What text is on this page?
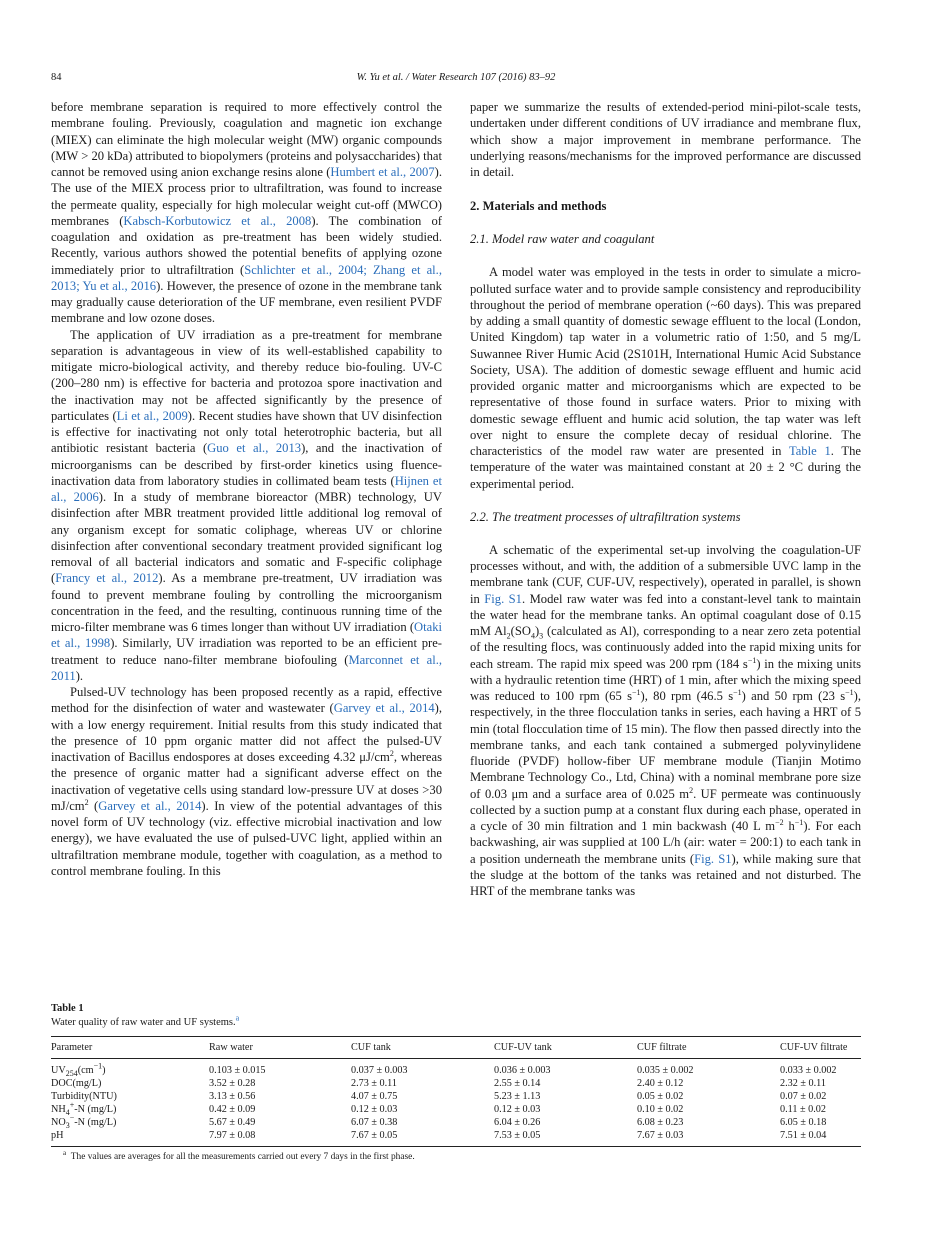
84	W. Yu et al. / Water Research 107 (2016) 83–92

before membrane separation is required to more effectively control the membrane fouling. Previously, coagulation and magnetic ion exchange (MIEX) can eliminate the high molecular weight (MW) organic compounds (MW > 20 kDa) attributed to biopolymers (proteins and polysaccharides) that cannot be removed using anion exchange resins alone (Humbert et al., 2007). The use of the MIEX process prior to ultrafiltration, was found to increase the permeate quality, especially for high molecular weight cut-off (MWCO) membranes (Kabsch-Korbutowicz et al., 2008). The combination of coagulation and oxidation as pre-treatment has been widely studied. Recently, various authors showed the potential benefits of applying ozone immediately prior to ultrafiltration (Schlichter et al., 2004; Zhang et al., 2013; Yu et al., 2016). However, the presence of ozone in the membrane tank may gradually cause deterioration of the UF membrane, even resilient PVDF membrane and low ozone doses.

The application of UV irradiation as a pre-treatment for membrane separation is advantageous in view of its well-established capability to mitigate micro-biological activity, and thereby reduce bio-fouling. UV-C (200–280 nm) is effective for bacteria and protozoa spore inactivation and the inactivation may not be affected significantly by the presence of particulates (Li et al., 2009). Recent studies have shown that UV disinfection is effective for inactivating not only total heterotrophic bacteria, but all antibiotic resistant bacteria (Guo et al., 2013), and the inactivation of microorganisms can be described by first-order kinetics using fluence-inactivation data from laboratory studies in collimated beam tests (Hijnen et al., 2006). In a study of membrane bioreactor (MBR) technology, UV disinfection after MBR treatment provided little additional log removal of any organism except for somatic coliphage, whereas UV or chlorine disinfection after conventional secondary treatment provided significant log removal of all bacterial indicators and somatic and F-specific coliphage (Francy et al., 2012). As a membrane pre-treatment, UV irradiation was found to prevent membrane fouling by controlling the microorganism concentration in the feed, and the resulting, continuous running time of the micro-filter membrane was 6 times longer than without UV irradiation (Otaki et al., 1998). Similarly, UV irradiation was reported to be an efficient pre-treatment to reduce nano-filter membrane biofouling (Marconnet et al., 2011).

Pulsed-UV technology has been proposed recently as a rapid, effective method for the disinfection of water and wastewater (Garvey et al., 2014), with a low energy requirement. Initial results from this study indicated that the presence of 10 ppm organic matter did not affect the pulsed-UV inactivation of Bacillus endospores at doses exceeding 4.32 $\mu J/cm^2$, whereas the presence of organic matter had a significant adverse effect on the inactivation of vegetative cells using standard low-pressure UV at doses >30 $mJ/cm^2$ (Garvey et al., 2014). In view of the potential advantages of this novel form of UV technology (viz. effective microbial inactivation and low energy), we have evaluated the use of pulsed-UVC light, applied within an ultrafiltration membrane module, together with coagulation, as a method to control membrane fouling. In this

paper we summarize the results of extended-period mini-pilot-scale tests, undertaken under different conditions of UV irradiance and membrane flux, which show a major improvement in membrane performance. The underlying reasons/mechanisms for the improved performance are discussed in detail.

2. Materials and methods
2.1. Model raw water and coagulant

A model water was employed in the tests in order to simulate a micro-polluted surface water and to provide sample consistency and reproducibility throughout the period of membrane operation (~60 days). This was prepared by adding a small quantity of domestic sewage effluent to the local (London, United Kingdom) tap water in a volumetric ratio of 1:50, and 5 mg/L Suwannee River Humic Acid (2S101H, International Humic Acid Substance Society, USA). The addition of domestic sewage effluent and humic acid provided organic matter and microorganisms which are expected to be representative of those found in surface waters. Prior to mixing with domestic sewage effluent and humic acid solution, the tap water was left over night to ensure the complete decay of residual chlorine. The characteristics of the model raw water are presented in Table 1. The temperature of the water was maintained constant at 20 ± 2 °C during the experimental period.

2.2. The treatment processes of ultrafiltration systems

A schematic of the experimental set-up involving the coagulation-UF processes without, and with, the addition of a submersible UVC lamp in the membrane tank (CUF, CUF-UV, respectively), operated in parallel, is shown in Fig. S1. Model raw water was fed into a constant-level tank to maintain the water head for the membrane tanks. An optimal coagulant dose of 0.15 mM $Al_2(SO_4)_3$ (calculated as Al), corresponding to a near zero zeta potential of the resulting flocs, was continuously added into the rapid mixing units for each stream. The rapid mix speed was 200 rpm (184 $s^{-1}$) in the mixing units with a hydraulic retention time (HRT) of 1 min, after which the mixing speed was reduced to 100 rpm (65 $s^{-1}$), 80 rpm (46.5 $s^{-1}$) and 50 rpm (23 $s^{-1}$), respectively, in the three flocculation tanks in series, each having a HRT of 5 min (total flocculation time of 15 min). The flow then passed directly into the membrane tanks, and each tank contained a submerged polyvinylidene fluoride (PVDF) hollow-fiber UF membrane module (Tianjin Motimo Membrane Technology Co., Ltd, China) with a nominal membrane pore size of 0.03 μm and a surface area of 0.025 $m^2$. UF permeate was continuously collected by a suction pump at a constant flux during each phase, operated in a cycle of 30 min filtration and 1 min backwash (40 L $m^{-2}$ $h^{-1}$). For each backwashing, air was supplied at 100 L/h (air: water = 200:1) to each tank in a position underneath the membrane units (Fig. S1), while making sure that the sludge at the bottom of the tanks was retained and not disturbed. The HRT of the membrane tanks was

Table 1
Water quality of raw water and UF systems.$^a$
Parameter	Raw water	CUF tank	CUF-UV tank	CUF filtrate	CUF-UV filtrate
$UV_{254}(cm^{-1})$	0.103 ± 0.015	0.037 ± 0.003	0.036 ± 0.003	0.035 ± 0.002	0.033 ± 0.002
DOC(mg/L)	3.52 ± 0.28	2.73 ± 0.11	2.55 ± 0.14	2.40 ± 0.12	2.32 ± 0.11
Turbidity(NTU)	3.13 ± 0.56	4.07 ± 0.75	5.23 ± 1.13	0.05 ± 0.02	0.07 ± 0.02
$NH_4^+-N$ (mg/L)	0.42 ± 0.09	0.12 ± 0.03	0.12 ± 0.03	0.10 ± 0.02	0.11 ± 0.02
$NO_3^--N$ (mg/L)	5.67 ± 0.49	6.07 ± 0.38	6.04 ± 0.26	6.08 ± 0.23	6.05 ± 0.18
pH	7.97 ± 0.08	7.67 ± 0.05	7.53 ± 0.05	7.67 ± 0.03	7.51 ± 0.04
$^a$ The values are averages for all the measurements carried out every 7 days in the first phase.
